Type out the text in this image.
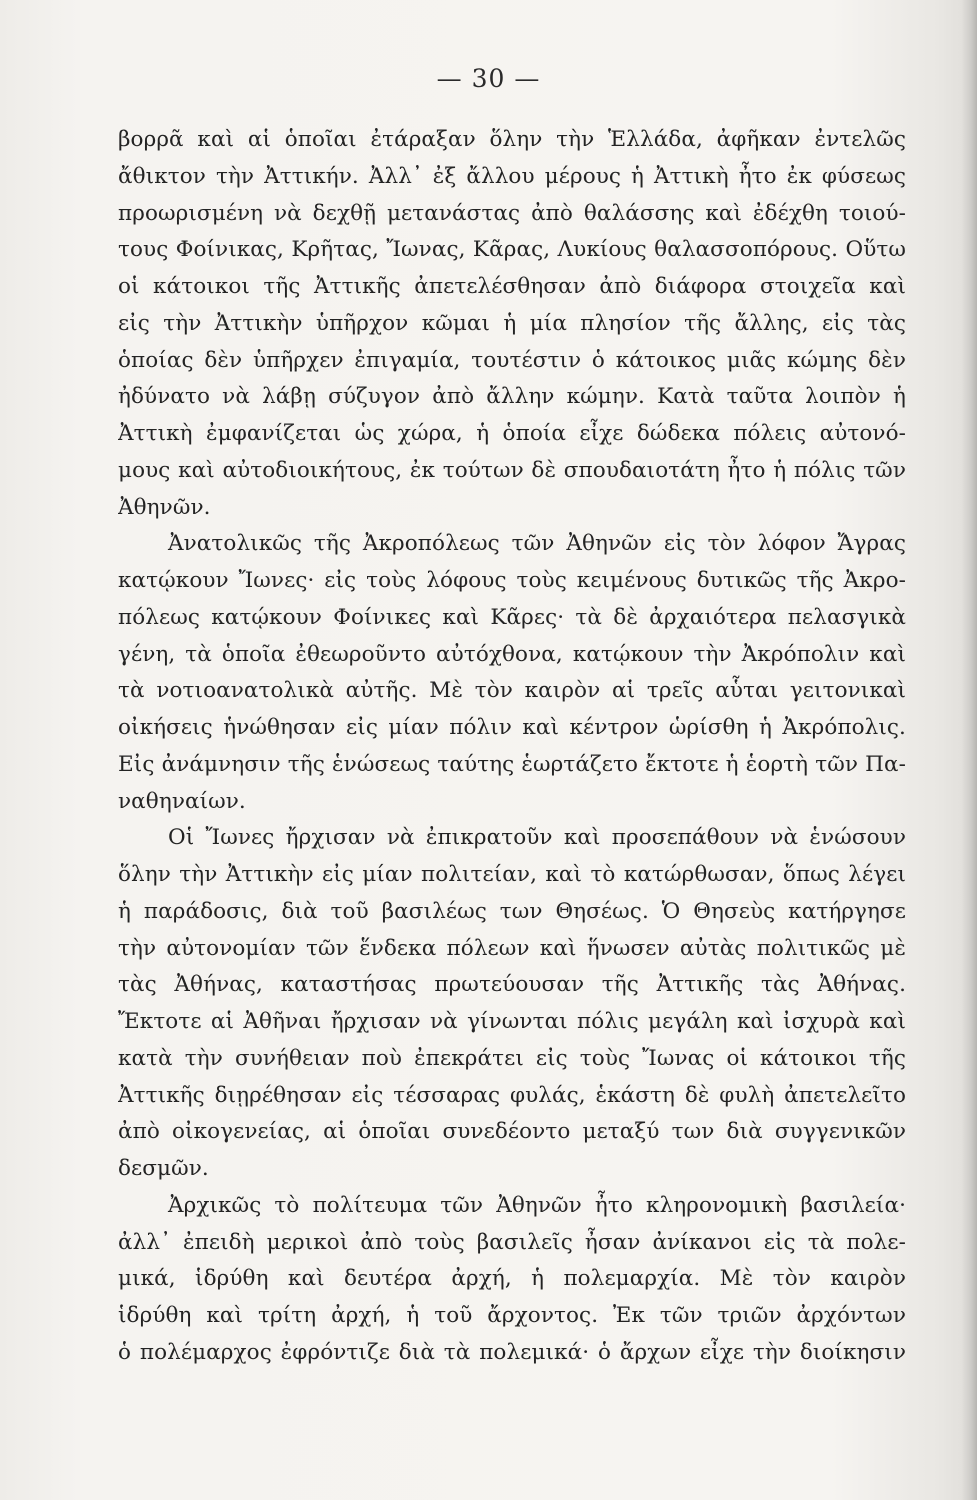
— 30 —
βορρᾶ καὶ αἱ ὁποῖαι ἐτάραξαν ὅλην τὴν Ἑλλάδα, ἀφῆκαν ἐντελῶς
ἄθικτον τὴν Ἀττικήν. Ἀλλ᾽ ἐξ ἄλλου μέρους ἡ Ἀττικὴ ἦτο ἐκ φύσεως
προωρισμένη νὰ δεχθῇ μετανάστας ἀπὸ θαλάσσης καὶ ἐδέχθη τοιού-
τους Φοίνικας, Κρῆτας, Ἴωνας, Κᾶρας, Λυκίους θαλασσοπόρους. Οὕτω
οἱ κάτοικοι τῆς Ἀττικῆς ἀπετελέσθησαν ἀπὸ διάφορα στοιχεῖα καὶ
εἰς τὴν Ἀττικὴν ὑπῆρχον κῶμαι ἡ μία πλησίον τῆς ἄλλης, εἰς τὰς
ὁποίας δὲν ὑπῆρχεν ἐπιγαμία, τουτέστιν ὁ κάτοικος μιᾶς κώμης δὲν
ἠδύνατο νὰ λάβῃ σύζυγον ἀπὸ ἄλλην κώμην. Κατὰ ταῦτα λοιπὸν ἡ
Ἀττικὴ ἐμφανίζεται ὡς χώρα, ἡ ὁποία εἶχε δώδεκα πόλεις αὐτονό-
μους καὶ αὐτοδιοικήτους, ἐκ τούτων δὲ σπουδαιοτάτη ἦτο ἡ πόλις τῶν
Ἀθηνῶν.
Ἀνατολικῶς τῆς Ἀκροπόλεως τῶν Ἀθηνῶν εἰς τὸν λόφον Ἄγρας
κατῴκουν Ἴωνες· εἰς τοὺς λόφους τοὺς κειμένους δυτικῶς τῆς Ἀκρο-
πόλεως κατῴκουν Φοίνικες καὶ Κᾶρες· τὰ δὲ ἀρχαιότερα πελασγικὰ
γένη, τὰ ὁποῖα ἐθεωροῦντο αὐτόχθονα, κατῴκουν τὴν Ἀκρόπολιν καὶ
τὰ νοτιοανατολικὰ αὐτῆς. Μὲ τὸν καιρὸν αἱ τρεῖς αὗται γειτονικαὶ
οἰκήσεις ἡνώθησαν εἰς μίαν πόλιν καὶ κέντρον ὡρίσθη ἡ Ἀκρόπολις.
Εἰς ἀνάμνησιν τῆς ἑνώσεως ταύτης ἑωρτάζετο ἔκτοτε ἡ ἑορτὴ τῶν Πα-
ναθηναίων.
Οἱ Ἴωνες ἤρχισαν νὰ ἐπικρατοῦν καὶ προσεπάθουν νὰ ἑνώσουν
ὅλην τὴν Ἀττικὴν εἰς μίαν πολιτείαν, καὶ τὸ κατώρθωσαν, ὅπως λέγει
ἡ παράδοσις, διὰ τοῦ βασιλέως των Θησέως. Ὁ Θησεὺς κατήργησε
τὴν αὐτονομίαν τῶν ἕνδεκα πόλεων καὶ ἥνωσεν αὐτὰς πολιτικῶς μὲ
τὰς Ἀθήνας, καταστήσας πρωτεύουσαν τῆς Ἀττικῆς τὰς Ἀθήνας.
Ἔκτοτε αἱ Ἀθῆναι ἤρχισαν νὰ γίνωνται πόλις μεγάλη καὶ ἰσχυρὰ καὶ
κατὰ τὴν συνήθειαν ποὺ ἐπεκράτει εἰς τοὺς Ἴωνας οἱ κάτοικοι τῆς
Ἀττικῆς διῃρέθησαν εἰς τέσσαρας φυλάς, ἑκάστη δὲ φυλὴ ἀπετελεῖτο
ἀπὸ οἰκογενείας, αἱ ὁποῖαι συνεδέοντο μεταξύ των διὰ συγγενικῶν
δεσμῶν.
Ἀρχικῶς τὸ πολίτευμα τῶν Ἀθηνῶν ἦτο κληρονομικὴ βασιλεία·
ἀλλ᾽ ἐπειδὴ μερικοὶ ἀπὸ τοὺς βασιλεῖς ἦσαν ἀνίκανοι εἰς τὰ πολε-
μικά, ἱδρύθη καὶ δευτέρα ἀρχή, ἡ πολεμαρχία. Μὲ τὸν καιρὸν
ἱδρύθη καὶ τρίτη ἀρχή, ἡ τοῦ ἄρχοντος. Ἐκ τῶν τριῶν ἀρχόντων
ὁ πολέμαρχος ἐφρόντιζε διὰ τὰ πολεμικά· ὁ ἄρχων εἶχε τὴν διοίκησιν
